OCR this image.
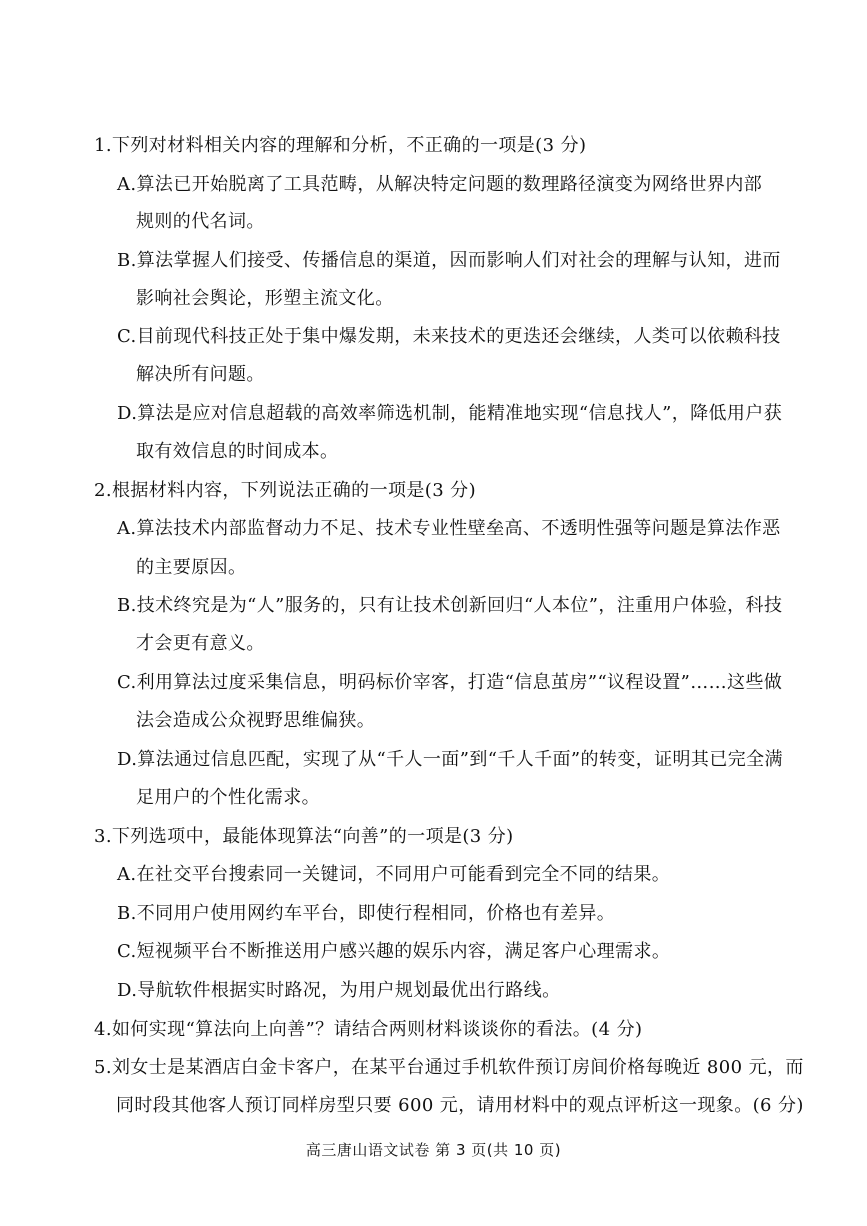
1.下列对材料相关内容的理解和分析，不正确的一项是(3 分)
A.算法已开始脱离了工具范畴，从解决特定问题的数理路径演变为网络世界内部
规则的代名词。
B.算法掌握人们接受、传播信息的渠道，因而影响人们对社会的理解与认知，进而
影响社会舆论，形塑主流文化。
C.目前现代科技正处于集中爆发期，未来技术的更迭还会继续，人类可以依赖科技
解决所有问题。
D.算法是应对信息超载的高效率筛选机制，能精准地实现“信息找人”，降低用户获
取有效信息的时间成本。
2.根据材料内容，下列说法正确的一项是(3 分)
A.算法技术内部监督动力不足、技术专业性壁垒高、不透明性强等问题是算法作恶
的主要原因。
B.技术终究是为“人”服务的，只有让技术创新回归“人本位”，注重用户体验，科技
才会更有意义。
C.利用算法过度采集信息，明码标价宰客，打造“信息茧房”“议程设置”……这些做
法会造成公众视野思维偏狭。
D.算法通过信息匹配，实现了从“千人一面”到“千人千面”的转变，证明其已完全满
足用户的个性化需求。
3.下列选项中，最能体现算法“向善”的一项是(3 分)
A.在社交平台搜索同一关键词，不同用户可能看到完全不同的结果。
B.不同用户使用网约车平台，即使行程相同，价格也有差异。
C.短视频平台不断推送用户感兴趣的娱乐内容，满足客户心理需求。
D.导航软件根据实时路况，为用户规划最优出行路线。
4.如何实现“算法向上向善”？请结合两则材料谈谈你的看法。(4 分)
5.刘女士是某酒店白金卡客户，在某平台通过手机软件预订房间价格每晚近 800 元，而
同时段其他客人预订同样房型只要 600 元，请用材料中的观点评析这一现象。(6 分)
高三唐山语文试卷 第 3 页(共 10 页)
